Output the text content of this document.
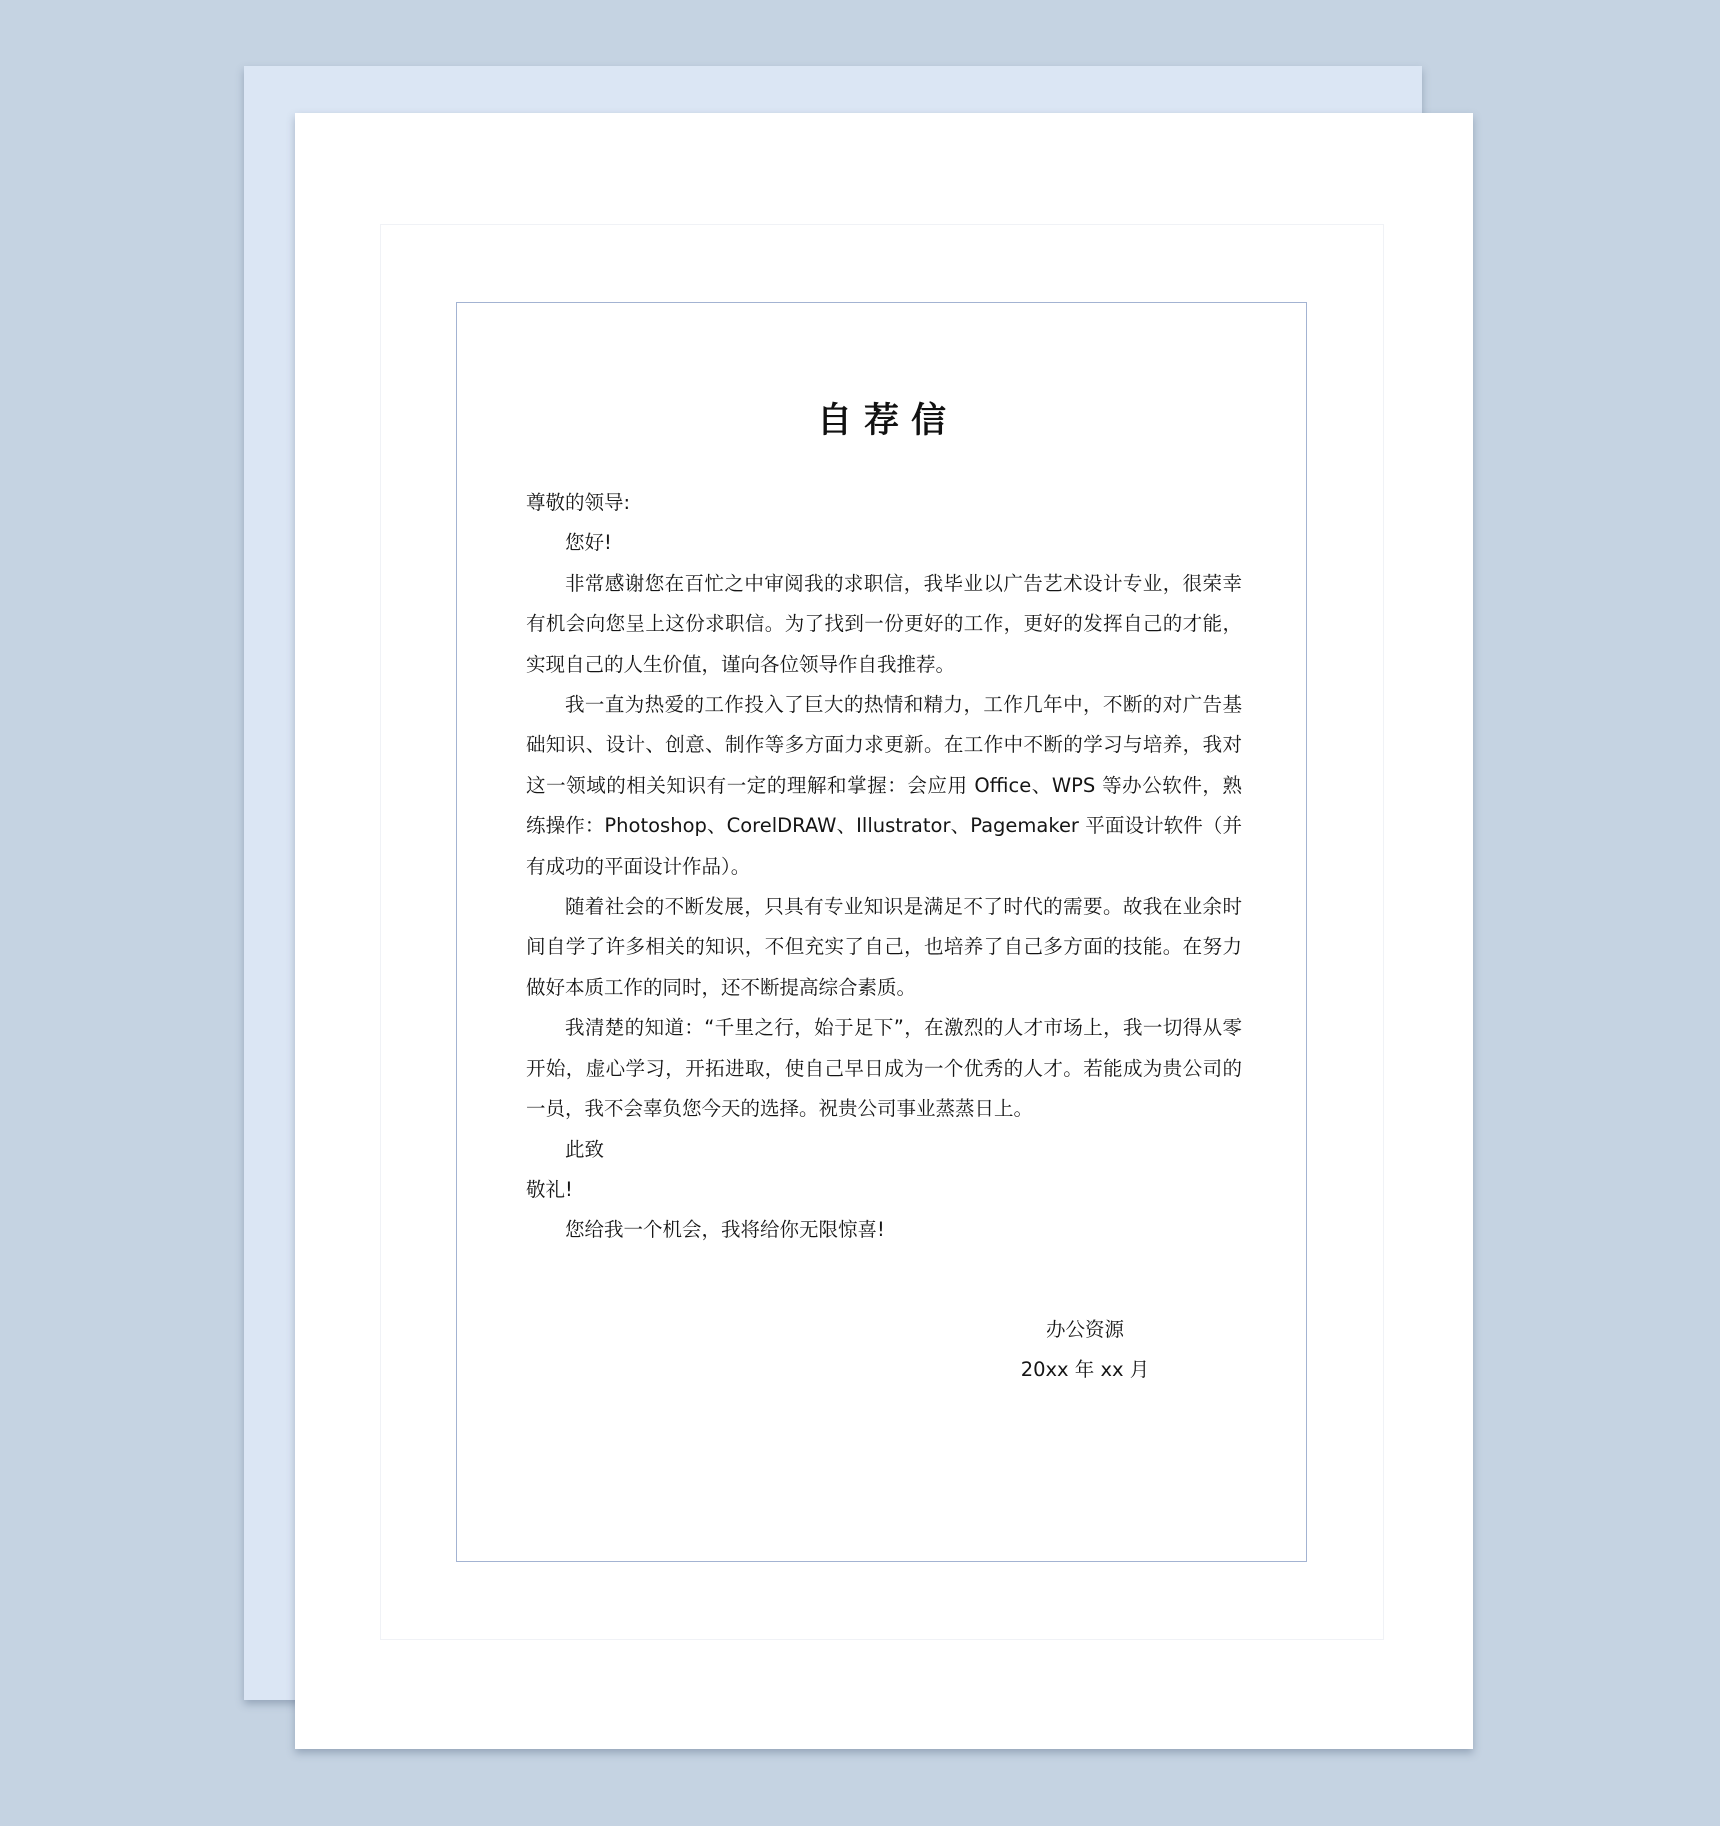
自荐信

尊敬的领导:

您好!

非常感谢您在百忙之中审阅我的求职信，我毕业以广告艺术设计专业，很荣幸有机会向您呈上这份求职信。为了找到一份更好的工作，更好的发挥自己的才能，实现自己的人生价值，谨向各位领导作自我推荐。

我一直为热爱的工作投入了巨大的热情和精力，工作几年中，不断的对广告基础知识、设计、创意、制作等多方面力求更新。在工作中不断的学习与培养，我对这一领域的相关知识有一定的理解和掌握：会应用 Office、WPS 等办公软件，熟练操作：Photoshop、CorelDRAW、Illustrator、Pagemaker 平面设计软件（并有成功的平面设计作品）。

随着社会的不断发展，只具有专业知识是满足不了时代的需要。故我在业余时间自学了许多相关的知识，不但充实了自己，也培养了自己多方面的技能。在努力做好本质工作的同时，还不断提高综合素质。

我清楚的知道：“千里之行，始于足下”，在激烈的人才市场上，我一切得从零开始，虚心学习，开拓进取，使自己早日成为一个优秀的人才。若能成为贵公司的一员，我不会辜负您今天的选择。祝贵公司事业蒸蒸日上。

此致

敬礼!

您给我一个机会，我将给你无限惊喜!

办公资源
20xx 年 xx 月
